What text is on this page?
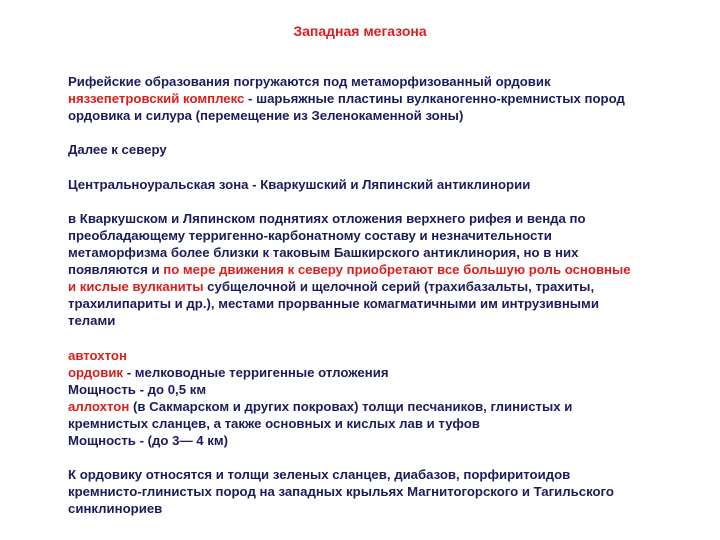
Западная мегазона
Рифейские образования погружаются под метаморфизованный ордовик
няззепетровский комплекс - шарьяжные пластины вулканогенно-кремнистых пород
ордовика и силура (перемещение из Зеленокаменной зоны)
Далее к северу
Центральноуральская зона - Кваркушский и Ляпинский антиклинории
в Кваркушском и Ляпинском поднятиях отложения верхнего рифея и венда по
преобладающему терригенно-карбонатному составу и незначительности
метаморфизма более близки к таковым Башкирского антиклинория, но в них
появляются и по мере движения к северу приобретают все большую роль основные
и кислые вулканиты субщелочной и щелочной серий (трахибазальты, трахиты,
трахилипариты и др.), местами прорванные комагматичными им интрузивными
телами
автохтон
ордовик - мелководные терригенные отложения
Мощность - до 0,5 км
аллохтон (в Сакмарском и других покровах) толщи песчаников, глинистых и
кремнистых сланцев, а также основных и кислых лав и туфов
Мощность - (до 3— 4 км)
К ордовику относятся и толщи зеленых сланцев, диабазов, порфиритоидов
кремнисто-глинистых пород на западных крыльях Магнитогорского и Тагильского
синклинориев
